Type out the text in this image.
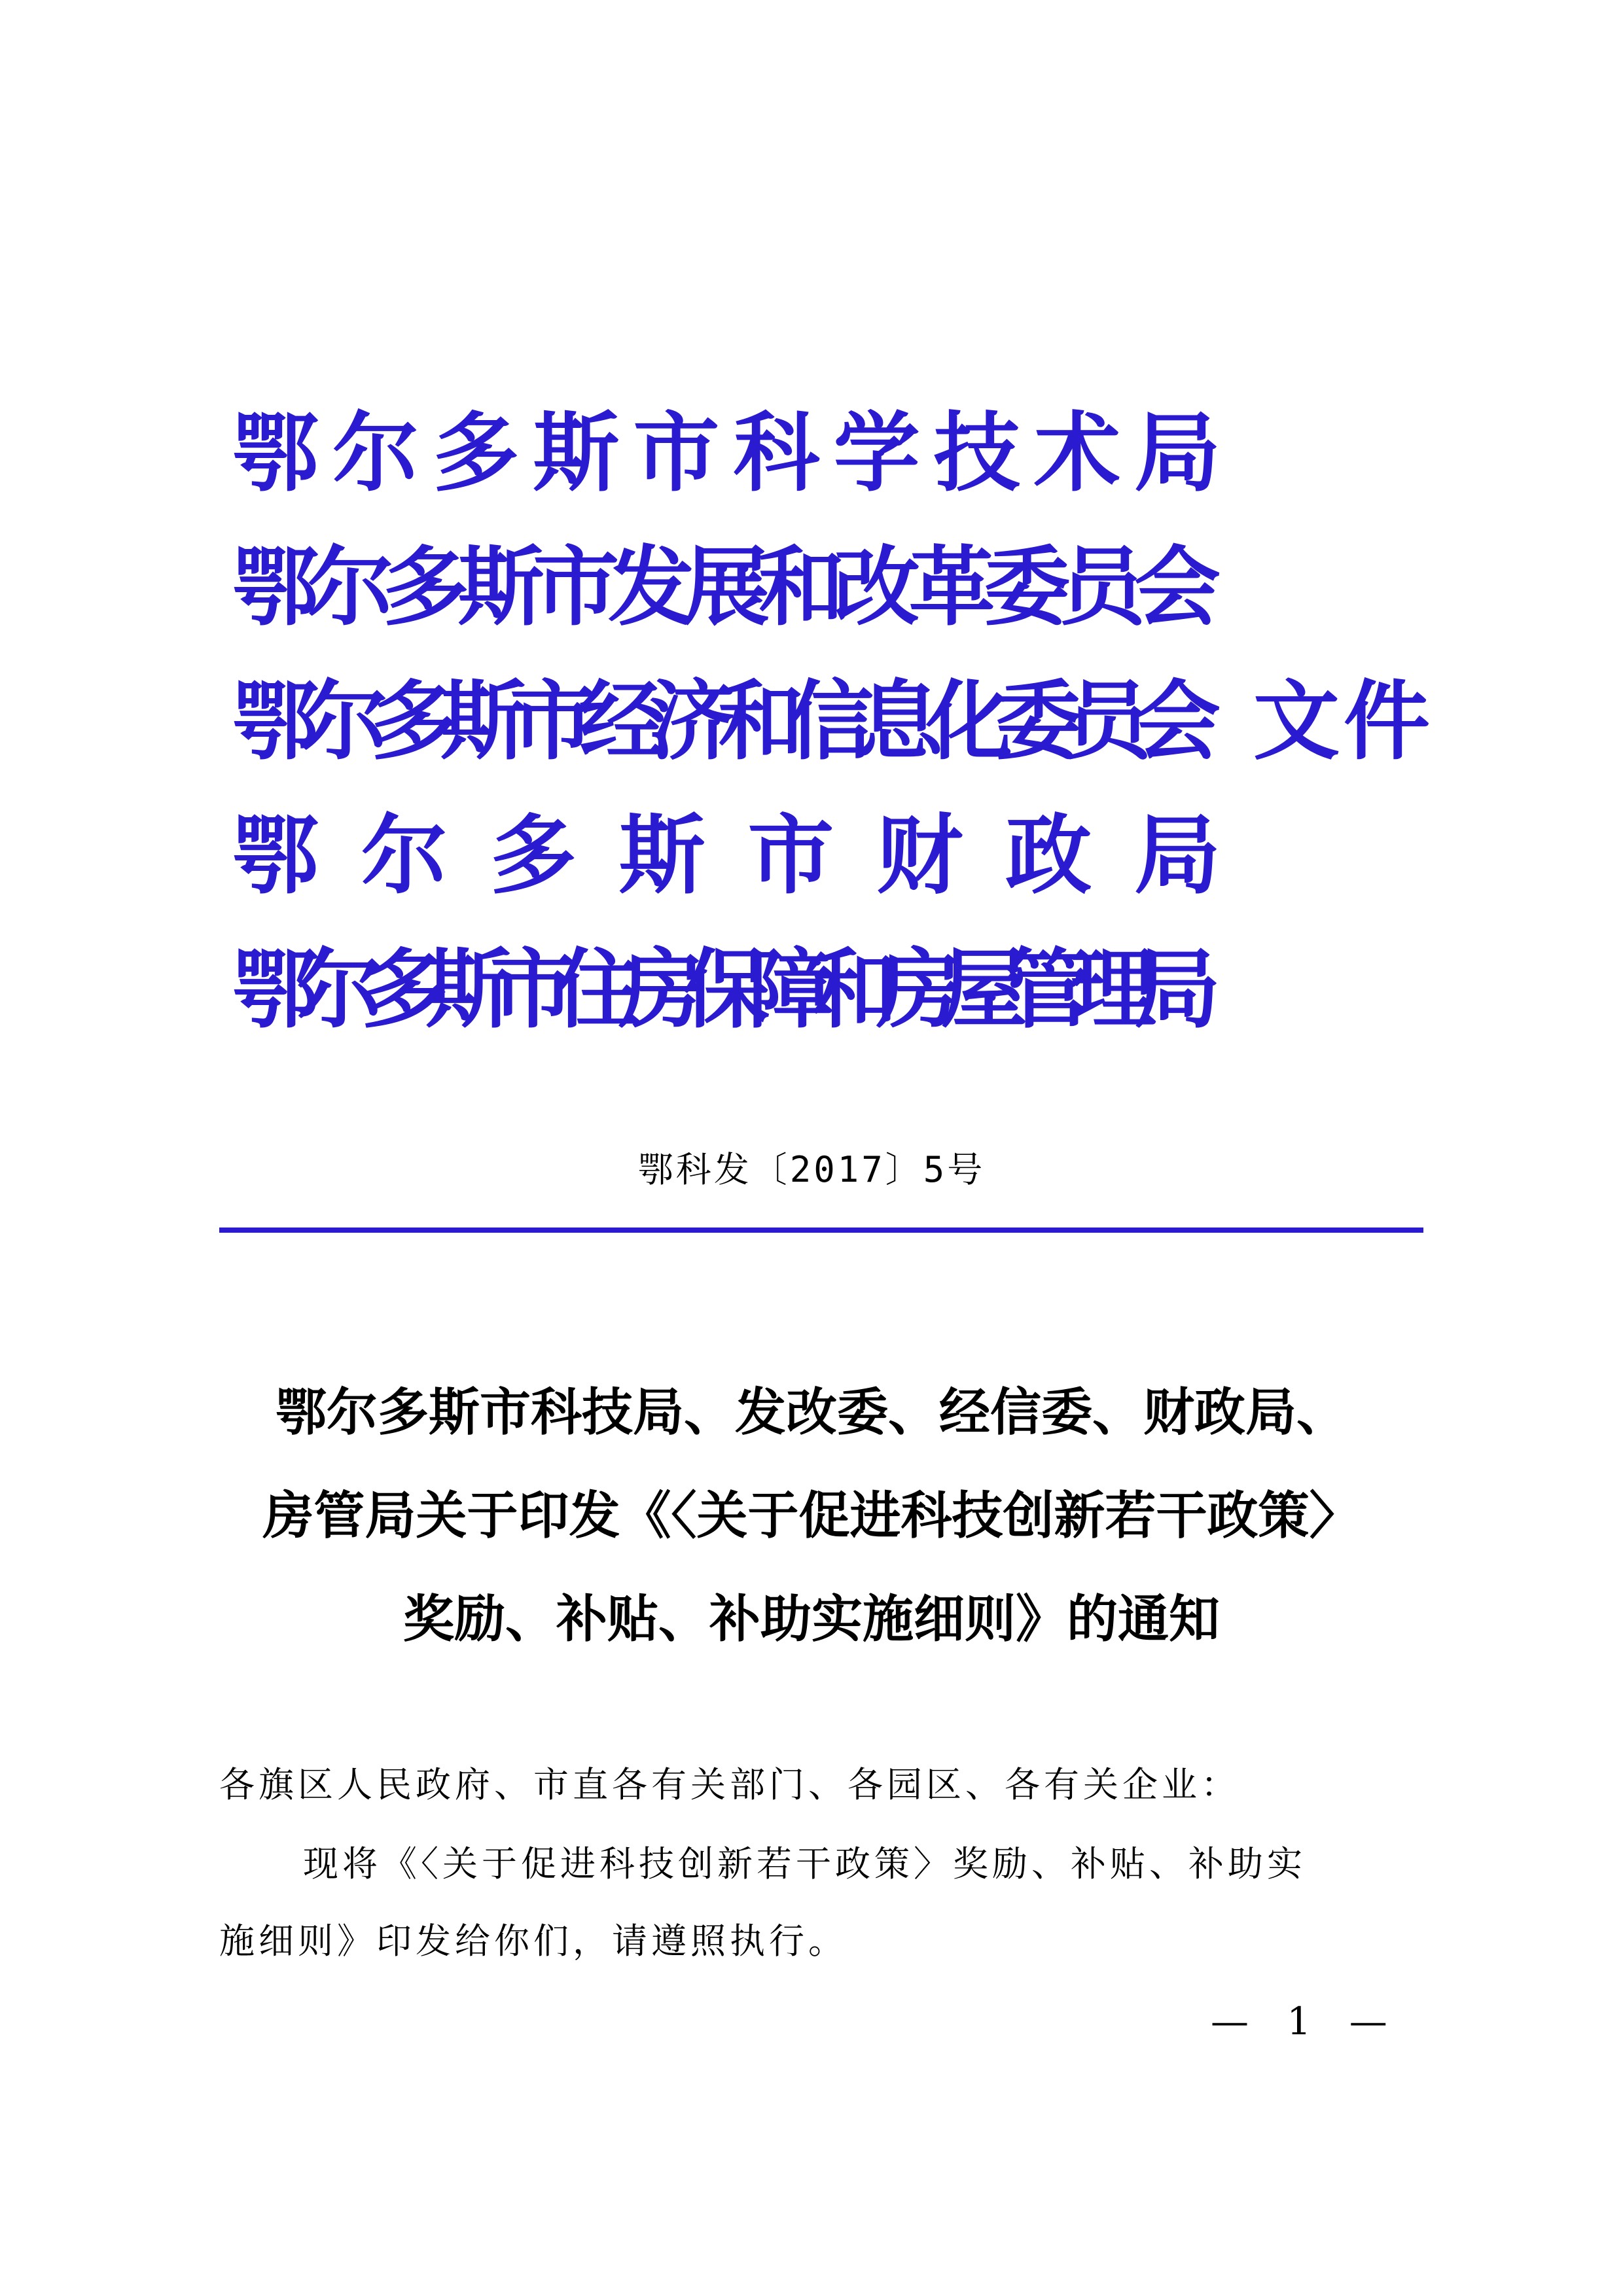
鄂 尔 多 斯 市 科 学 技 术 局
鄂
尔
多
斯
市
发
展
和
改
革
委
员
会
鄂
尔
多
斯
市
经
济
和
信
息
化
委
员
会 文件
鄂 尔 多 斯 市 财 政 局
鄂
尔
多
斯
市
住
房
保
障
和
房
屋
管
理
局
鄂科发〔2017〕5号
鄂尔多斯市科技局、发改委、经信委、财政局、
房管局关于印发《〈关于促进科技创新若干政策〉
奖励、补贴、补助实施细则》的通知
各旗区人民政府、市直各有关部门、各园区、各有关企业：
现将《〈关于促进科技创新若干政策〉奖励、补贴、补助实
施细则》印发给你们，请遵照执行。
— 1 —
